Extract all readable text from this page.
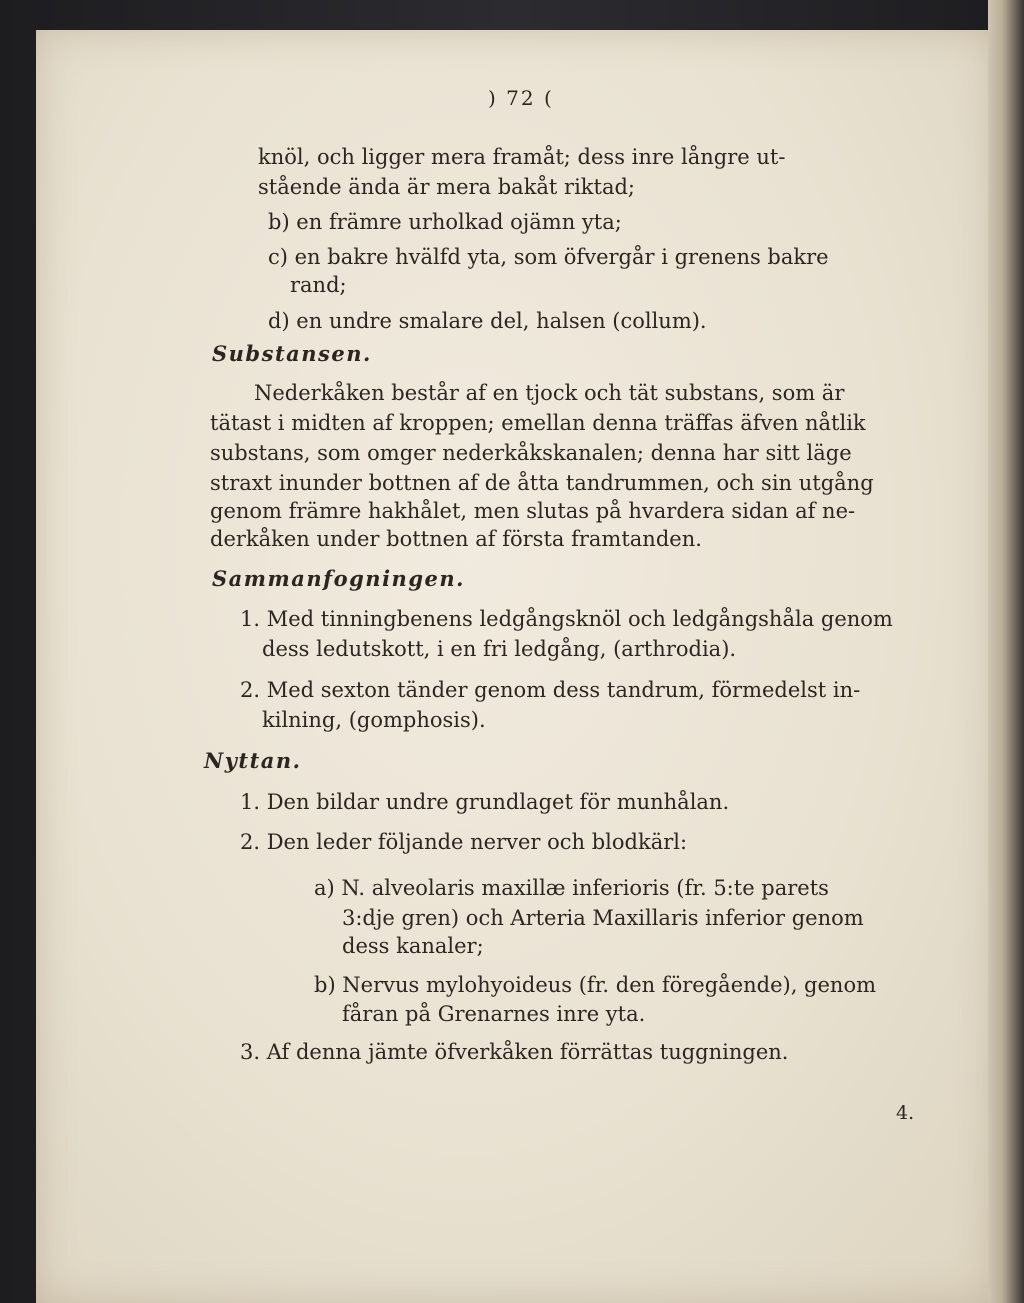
) 72 (
knöl, och ligger mera framåt; dess inre långre ut-
stående ända är mera bakåt riktad;
b) en främre urholkad ojämn yta;
c) en bakre hvälfd yta, som öfvergår i grenens bakre
rand;
d) en undre smalare del, halsen (collum).
Substansen.
Nederkåken består af en tjock och tät substans, som är
tätast i midten af kroppen; emellan denna träffas äfven nåtlik
substans, som omger nederkåkskanalen; denna har sitt läge
straxt inunder bottnen af de åtta tandrummen, och sin utgång
genom främre hakhålet, men slutas på hvardera sidan af ne-
derkåken under bottnen af första framtanden.
Sammanfogningen.
1. Med tinningbenens ledgångsknöl och ledgångshåla genom
dess ledutskott, i en fri ledgång, (arthrodia).
2. Med sexton tänder genom dess tandrum, förmedelst in-
kilning, (gomphosis).
Nyttan.
1. Den bildar undre grundlaget för munhålan.
2. Den leder följande nerver och blodkärl:
a) N. alveolaris maxillæ inferioris (fr. 5:te parets
3:dje gren) och Arteria Maxillaris inferior genom
dess kanaler;
b) Nervus mylohyoideus (fr. den föregående), genom
fåran på Grenarnes inre yta.
3. Af denna jämte öfverkåken förrättas tuggningen.
4.
